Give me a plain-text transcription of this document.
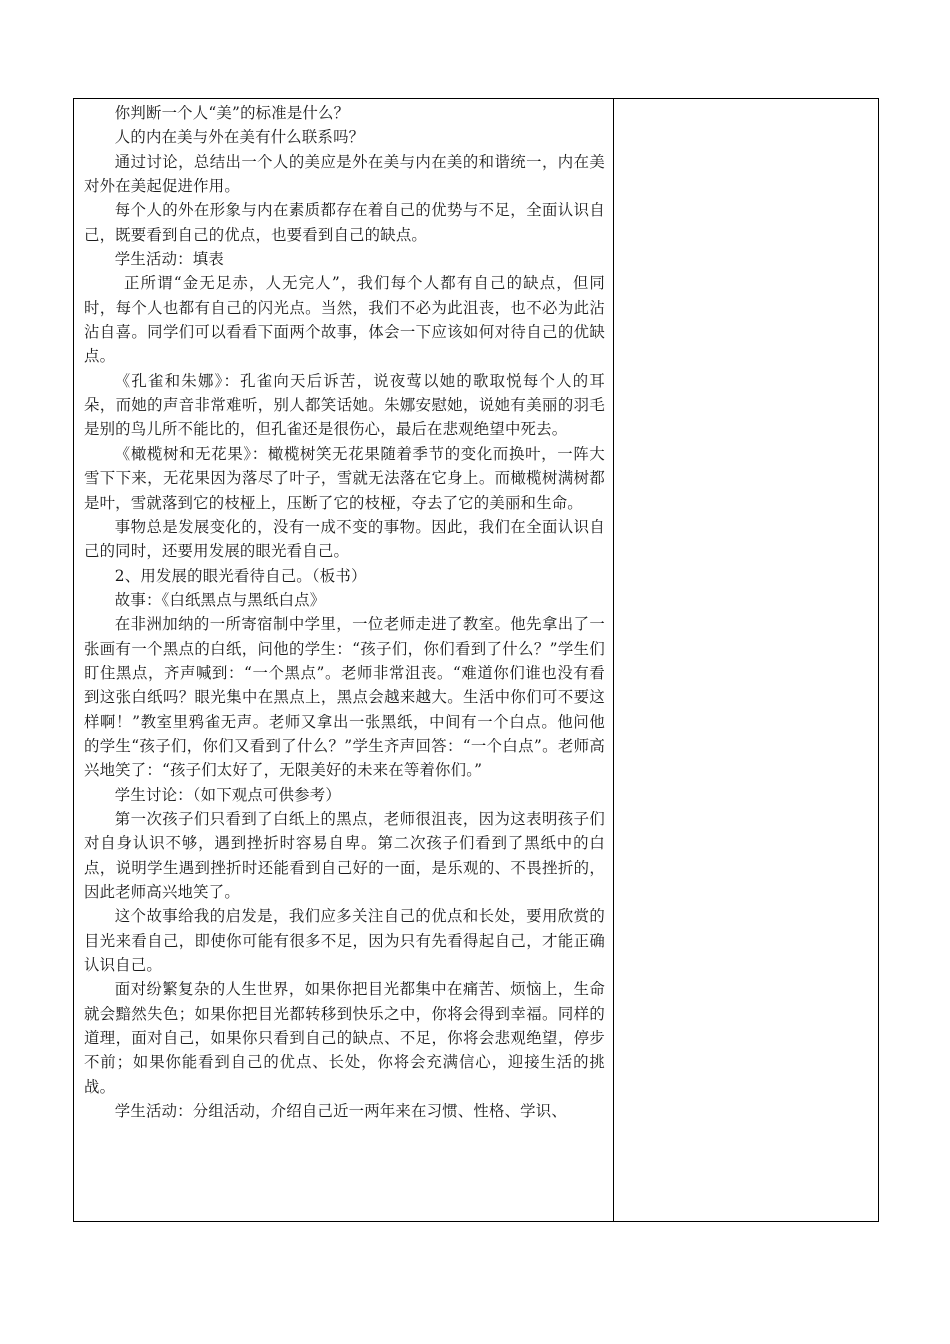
你判断一个人“美”的标准是什么？

人的内在美与外在美有什么联系吗？

通过讨论，总结出一个人的美应是外在美与内在美的和谐统一，内在美对外在美起促进作用。

每个人的外在形象与内在素质都存在着自己的优势与不足，全面认识自己，既要看到自己的优点，也要看到自己的缺点。

学生活动：填表

正所谓“金无足赤，人无完人”，我们每个人都有自己的缺点，但同时，每个人也都有自己的闪光点。当然，我们不必为此沮丧，也不必为此沾沾自喜。同学们可以看看下面两个故事，体会一下应该如何对待自己的优缺点。

《孔雀和朱娜》：孔雀向天后诉苦，说夜莺以她的歌取悦每个人的耳朵，而她的声音非常难听，别人都笑话她。朱娜安慰她，说她有美丽的羽毛是别的鸟儿所不能比的，但孔雀还是很伤心，最后在悲观绝望中死去。

《橄榄树和无花果》：橄榄树笑无花果随着季节的变化而换叶，一阵大雪下下来，无花果因为落尽了叶子，雪就无法落在它身上。而橄榄树满树都是叶，雪就落到它的枝桠上，压断了它的枝桠，夺去了它的美丽和生命。

事物总是发展变化的，没有一成不变的事物。因此，我们在全面认识自己的同时，还要用发展的眼光看自己。

2、用发展的眼光看待自己。（板书）

故事：《白纸黑点与黑纸白点》

在非洲加纳的一所寄宿制中学里，一位老师走进了教室。他先拿出了一张画有一个黑点的白纸，问他的学生：“孩子们，你们看到了什么？”学生们盯住黑点，齐声喊到：“一个黑点”。老师非常沮丧。“难道你们谁也没有看到这张白纸吗？眼光集中在黑点上，黑点会越来越大。生活中你们可不要这样啊！”教室里鸦雀无声。老师又拿出一张黑纸，中间有一个白点。他问他的学生“孩子们，你们又看到了什么？”学生齐声回答：“一个白点”。老师高兴地笑了：“孩子们太好了，无限美好的未来在等着你们。”

学生讨论：（如下观点可供参考）

第一次孩子们只看到了白纸上的黑点，老师很沮丧，因为这表明孩子们对自身认识不够，遇到挫折时容易自卑。第二次孩子们看到了黑纸中的白点，说明学生遇到挫折时还能看到自己好的一面，是乐观的、不畏挫折的，因此老师高兴地笑了。

这个故事给我的启发是，我们应多关注自己的优点和长处，要用欣赏的目光来看自己，即使你可能有很多不足，因为只有先看得起自己，才能正确认识自己。

面对纷繁复杂的人生世界，如果你把目光都集中在痛苦、烦恼上，生命就会黯然失色；如果你把目光都转移到快乐之中，你将会得到幸福。同样的道理，面对自己，如果你只看到自己的缺点、不足，你将会悲观绝望，停步不前；如果你能看到自己的优点、长处，你将会充满信心，迎接生活的挑战。

学生活动：分组活动，介绍自己近一两年来在习惯、性格、学识、
